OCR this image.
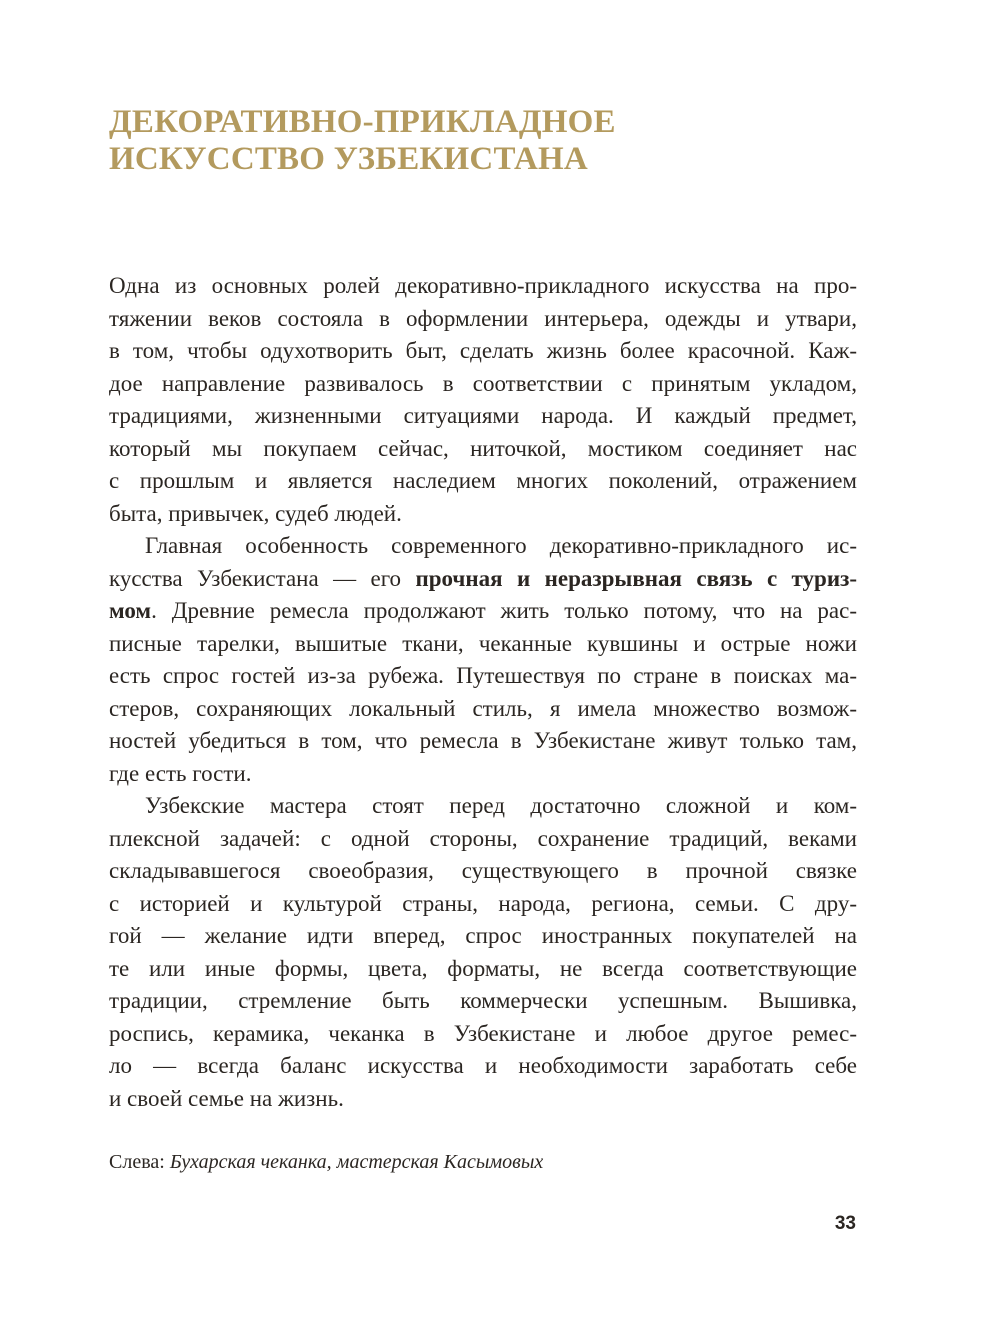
ДЕКОРАТИВНО-ПРИКЛАДНОЕ
ИСКУССТВО УЗБЕКИСТАНА
Одна из основных ролей декоративно-прикладного искусства на про-
тяжении веков состояла в оформлении интерьера, одежды и утвари,
в том, чтобы одухотворить быт, сделать жизнь более красочной. Каж-
дое направление развивалось в соответствии с принятым укладом,
традициями, жизненными ситуациями народа. И каждый предмет,
который мы покупаем сейчас, ниточкой, мостиком соединяет нас
с прошлым и является наследием многих поколений, отражением
быта, привычек, судеб людей.
Главная особенность современного декоративно-прикладного ис-
кусства Узбекистана — его прочная и неразрывная связь с туриз-
мом. Древние ремесла продолжают жить только потому, что на рас-
писные тарелки, вышитые ткани, чеканные кувшины и острые ножи
есть спрос гостей из-за рубежа. Путешествуя по стране в поисках ма-
стеров, сохраняющих локальный стиль, я имела множество возмож-
ностей убедиться в том, что ремесла в Узбекистане живут только там,
где есть гости.
Узбекские мастера стоят перед достаточно сложной и ком-
плексной задачей: с одной стороны, сохранение традиций, веками
складывавшегося своеобразия, существующего в прочной связке
с историей и культурой страны, народа, региона, семьи. С дру-
гой — желание идти вперед, спрос иностранных покупателей на
те или иные формы, цвета, форматы, не всегда соответствующие
традиции, стремление быть коммерчески успешным. Вышивка,
роспись, керамика, чеканка в Узбекистане и любое другое ремес-
ло — всегда баланс искусства и необходимости заработать себе
и своей семье на жизнь.
Слева: Бухарская чеканка, мастерская Касымовых
33
